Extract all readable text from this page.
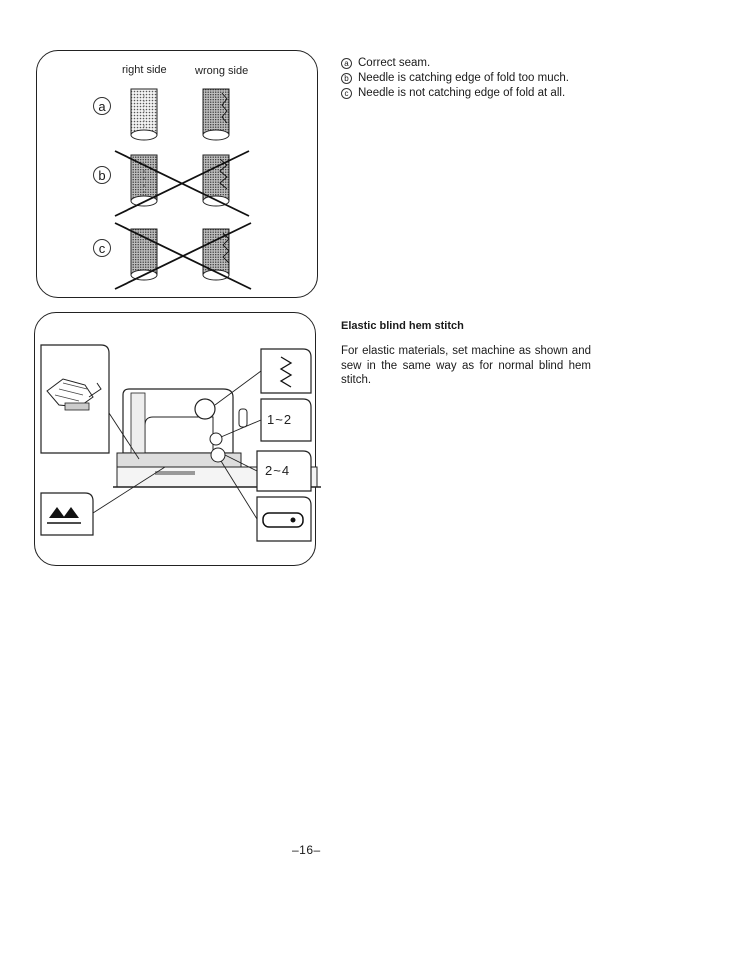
right side	wrong side
a
b
c
a Correct seam.
b Needle is catching edge of fold too much.
c Needle is not catching edge of fold at all.
1~2
2~4
Elastic blind hem stitch
For elastic materials, set machine as shown and sew in the same way as for normal blind hem stitch.
–16–
